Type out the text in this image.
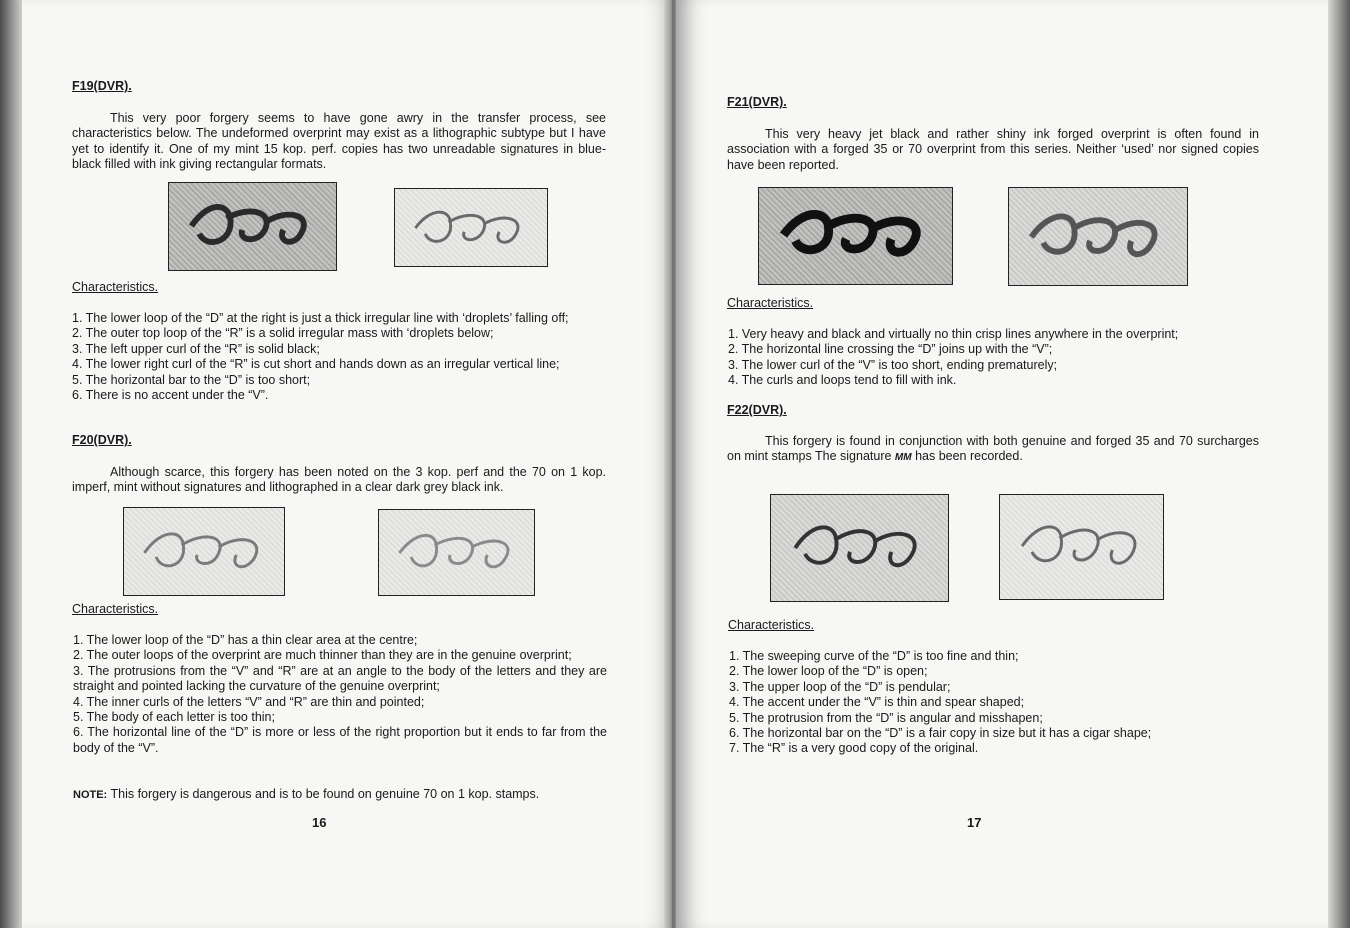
F19(DVR).
This very poor forgery seems to have gone awry in the transfer process, see characteristics below. The undeformed overprint may exist as a lithographic subtype but I have yet to identify it. One of my mint 15 kop. perf. copies has two unreadable signatures in blue-black filled with ink giving rectangular formats.
Characteristics.
1. The lower loop of the “D” at the right is just a thick irregular line with ‘droplets’ falling off;
2. The outer top loop of the “R” is a solid irregular mass with ‘droplets below;
3. The left upper curl of the “R” is solid black;
4. The lower right curl of the “R” is cut short and hands down as an irregular vertical line;
5. The horizontal bar to the “D” is too short;
6. There is no accent under the “V”.
F20(DVR).
Although scarce, this forgery has been noted on the 3 kop. perf and the 70 on 1 kop. imperf, mint without signatures and lithographed in a clear dark grey black ink.
Characteristics.
1. The lower loop of the “D” has a thin clear area at the centre;
2. The outer loops of the overprint are much thinner than they are in the genuine overprint;
3. The protrusions from the “V” and “R” are at an angle to the body of the letters and they are straight and pointed lacking the curvature of the genuine overprint;
4. The inner curls of the letters “V” and “R” are thin and pointed;
5. The body of each letter is too thin;
6. The horizontal line of the “D” is more or less of the right proportion but it ends to far from the body of the “V”.
NOTE: This forgery is dangerous and is to be found on genuine 70 on 1 kop. stamps.
16
F21(DVR).
This very heavy jet black and rather shiny ink forged overprint is often found in association with a forged 35 or 70 overprint from this series. Neither ‘used’ nor signed copies have been reported.
Characteristics.
1. Very heavy and black and virtually no thin crisp lines anywhere in the overprint;
2. The horizontal line crossing the “D” joins up with the “V”;
3. The lower curl of the “V” is too short, ending prematurely;
4. The curls and loops tend to fill with ink.
F22(DVR).
This forgery is found in conjunction with both genuine and forged 35 and 70 surcharges on mint stamps The signature MM has been recorded.
Characteristics.
1. The sweeping curve of the “D” is too fine and thin;
2. The lower loop of the “D” is open;
3. The upper loop of the “D” is pendular;
4. The accent under the “V” is thin and spear shaped;
5. The protrusion from the “D” is angular and misshapen;
6. The horizontal bar on the “D” is a fair copy in size but it has a cigar shape;
7. The “R” is a very good copy of the original.
17
